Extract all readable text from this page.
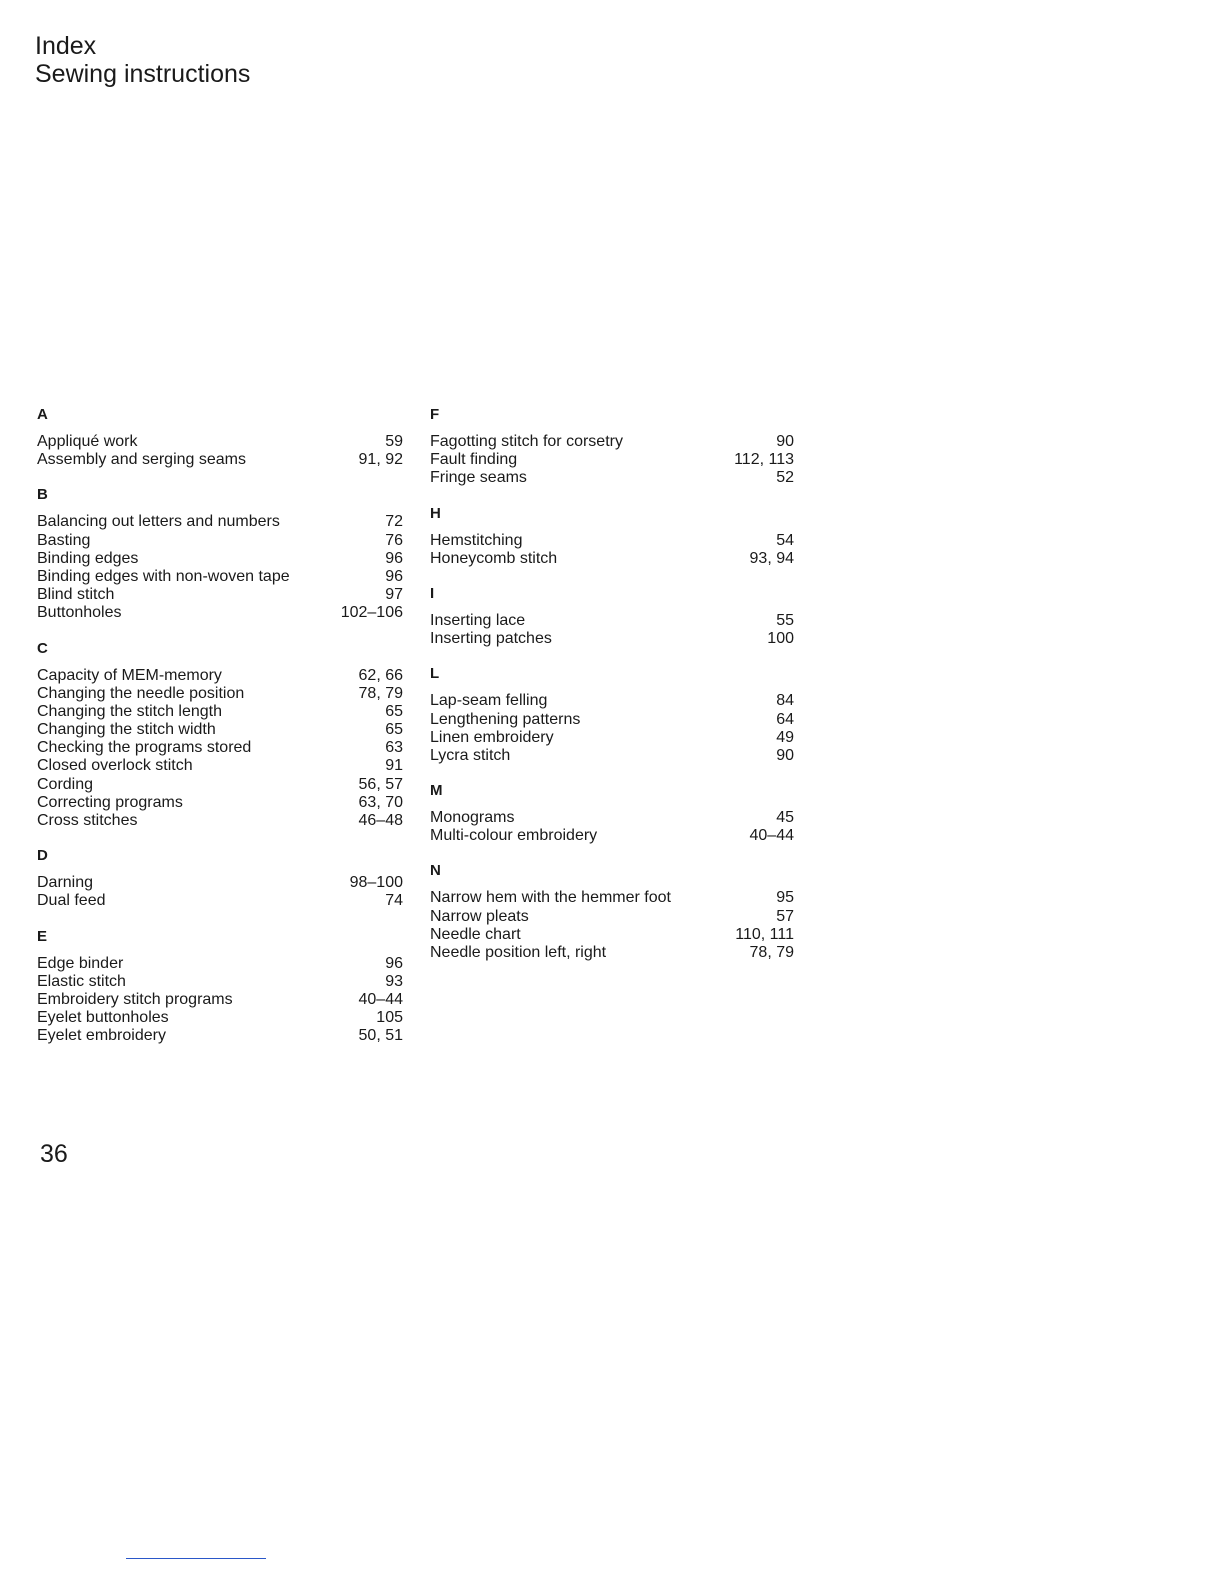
Index
Sewing instructions
A
Appliqué work	59
Assembly and serging seams	91, 92
B
Balancing out letters and numbers	72
Basting	76
Binding edges	96
Binding edges with non-woven tape	96
Blind stitch	97
Buttonholes	102–106
C
Capacity of MEM-memory	62, 66
Changing the needle position	78, 79
Changing the stitch length	65
Changing the stitch width	65
Checking the programs stored	63
Closed overlock stitch	91
Cording	56, 57
Correcting programs	63, 70
Cross stitches	46–48
D
Darning	98–100
Dual feed	74
E
Edge binder	96
Elastic stitch	93
Embroidery stitch programs	40–44
Eyelet buttonholes	105
Eyelet embroidery	50, 51
F
Fagotting stitch for corsetry	90
Fault finding	112, 113
Fringe seams	52
H
Hemstitching	54
Honeycomb stitch	93, 94
I
Inserting lace	55
Inserting patches	100
L
Lap-seam felling	84
Lengthening patterns	64
Linen embroidery	49
Lycra stitch	90
M
Monograms	45
Multi-colour embroidery	40–44
N
Narrow hem with the hemmer foot	95
Narrow pleats	57
Needle chart	110, 111
Needle position left, right	78, 79
36
